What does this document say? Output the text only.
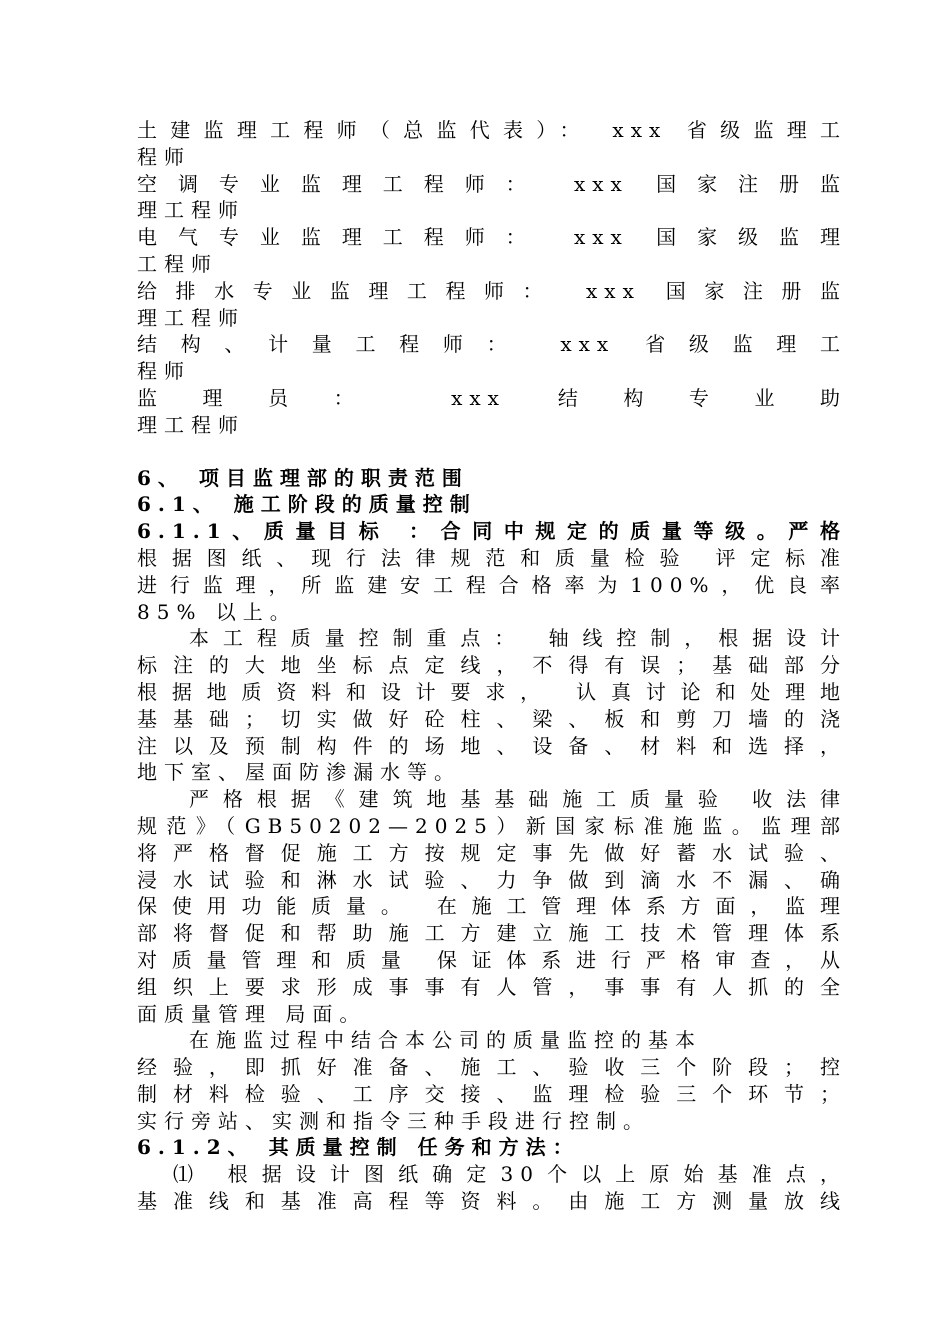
土建监理工程师（总监代表）： xxx 省级监理工
程师
空调专业监理工程师： xxx 国家注册监
理工程师
电气专业监理工程师： xxx 国家级监理
工程师
给排水专业监理工程师： xxx 国家注册监
理工程师
结构、计量工程师： xxx 省级监理工
程师
监理员： xxx 结构专业助
理工程师
6、 项目监理部的职责范围
6.1、 施工阶段的质量控制
6.1.1、质量目标 ：合同中规定的质量等级。严格
根据图纸、现行法律规范和质量检验 评定标准
进行监理，所监建安工程合格率为100%，优良率
85% 以上。
本工程质量控制重点： 轴线控制，根据设计
标注的大地坐标点定线，不得有误；基础部分
根据地质资料和设计要求， 认真讨论和处理地
基基础；切实做好砼柱、梁、板和剪刀墙的浇
注以及预制构件的场地、设备、材料和选择，
地下室、屋面防渗漏水等。
严格根据《建筑地基基础施工质量验 收法律
规范》（GB50202—2025）新国家标准施监。监理部
将严格督促施工方按规定事先做好蓄水试验、
浸水试验和淋水试验、力争做到滴水不漏、确
保使用功能质量。 在施工管理体系方面，监理
部将督促和帮助施工方建立施工技术管理体系
对质量管理和质量 保证体系进行严格审查，从
组织上要求形成事事有人管，事事有人抓的全
面质量管理 局面。
在施监过程中结合本公司的质量监控的基本
经验，即抓好准备、施工、验收三个阶段；控
制材料检验、工序交接、监理检验三个环节；
实行旁站、实测和指令三种手段进行控制。
6.1.2、 其质量控制 任务和方法：
⑴ 根据设计图纸确定30个以上原始基准点，
基准线和基准高程等资料。由施工方测量放线
